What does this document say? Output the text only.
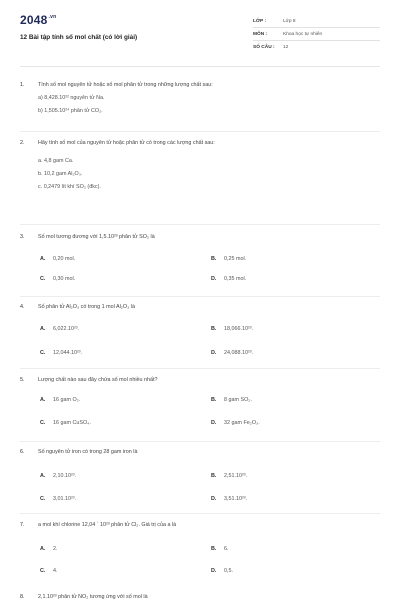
$2048^{.vn}$
12 Bài tập tính số mol chất (có lời giải)
LỚP :	Lớp 8
MÔN :	Khoa học tự nhiên
SỐ CÂU :	12
1.	Tính số mol nguyên tử hoặc số mol phân tử trong những lượng chất sau:
a) 8,428.10²² nguyên tử Na.
b) 1,505.10²⁴ phân tử CO₂.
2.	Hãy tính số mol của nguyên tử hoặc phân tử có trong các lượng chất sau:
a. 4,8 gam Ca.
b. 10,2 gam Al₂O₃.
c. 0,2479 lít khí SO₂ (đkc).
3.	Số mol tương đương với 1,5.10²³ phân tử SO₂ là
A.	0,20 mol.	B.	0,25 mol.
C.	0,30 mol.	D.	0,35 mol.
4.	Số phân tử Al₂O₃ có trong 1 mol Al₂O₃ là
A.	6,022.10²³.	B.	18,066.10²³.
C.	12,044.10²³.	D.	24,088.10²³.
5.	Lượng chất nào sau đây chứa số mol nhiều nhất?
A.	16 gam O₂.	B.	8 gam SO₂.
C.	16 gam CuSO₄.	D.	32 gam Fe₂O₃.
6.	Số nguyên tử iron có trong 28 gam iron là
A.	2,10.10²³.	B.	2,51.10²³.
C.	3,01.10²³.	D.	3,51.10²³.
7.	a mol khí chlorine 12,04 ´ 10²³ phân tử Cl₂. Giá trị của a là
A.	2.	B.	6.
C.	4.	D.	0,5.
8.	2,1.10²³ phân tử NO₂ tương ứng với số mol là
